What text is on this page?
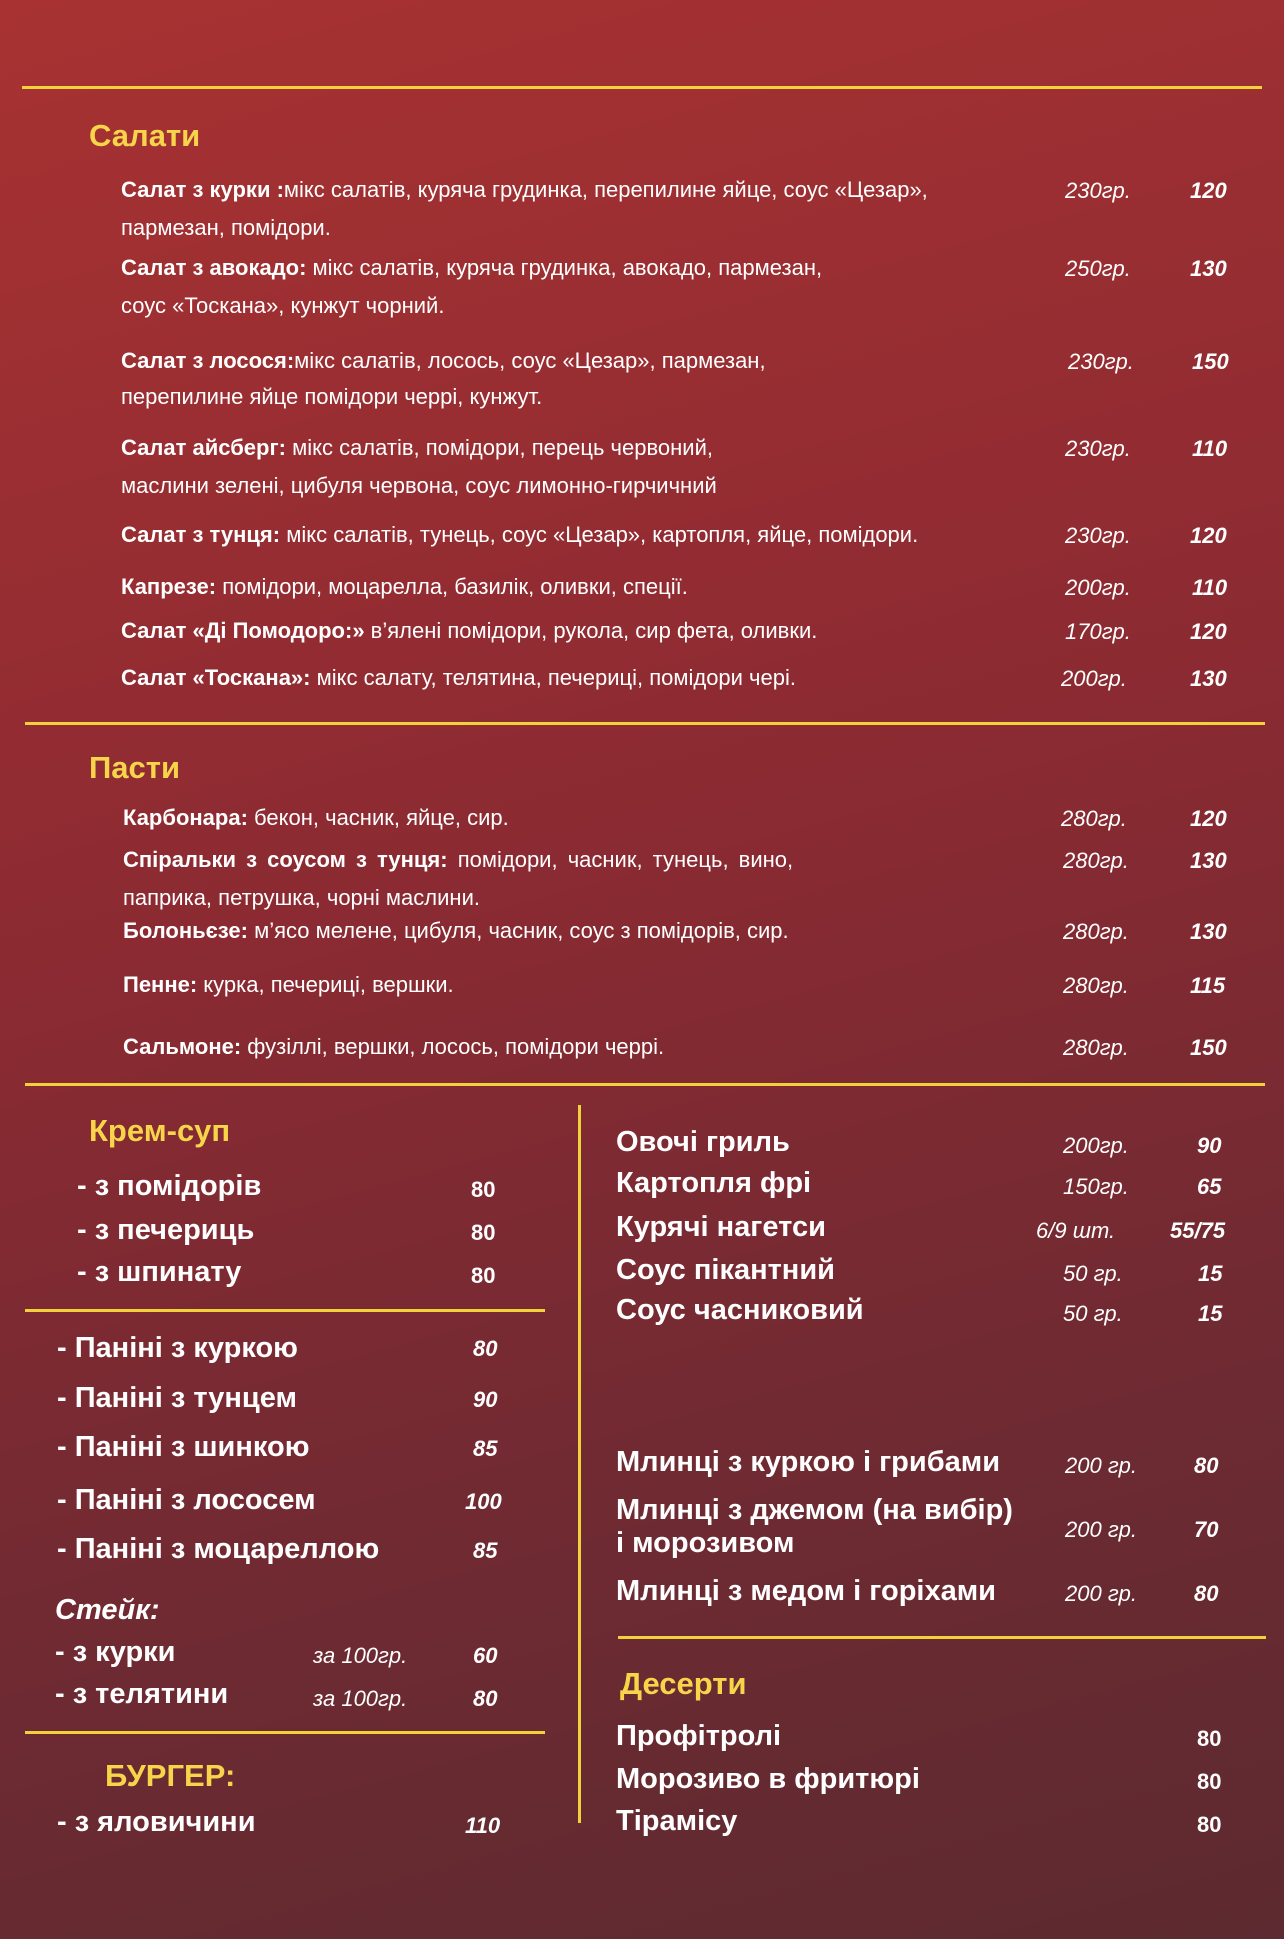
Салати
Салат з курки :мікс салатів, куряча грудинка, перепилине яйце, соус «Цезар»,
пармезан, помідори.
230гр.	120
Салат з авокадо: мікс салатів, куряча грудинка, авокадо, пармезан,
соус «Тоскана», кунжут чорний.
250гр.	130
Салат з лосося:мікс салатів, лосось, соус «Цезар», пармезан,
перепилине яйце помідори черрі, кунжут.
230гр.	150
Салат айсберг: мікс салатів, помідори, перець червоний,
маслини зелені, цибуля червона, соус лимонно-гирчичний
230гр.	110
Салат з тунця: мікс салатів, тунець, соус «Цезар», картопля, яйце, помідори.	230гр.	120
Капрезе: помідори, моцарелла, базилік, оливки, спеції.	200гр.	110
Салат «Ді Помодоро:» в’ялені помідори, рукола, сир фета, оливки.	170гр.	120
Салат «Тоскана»: мікс салату, телятина, печериці, помідори чері.	200гр.	130
Пасти
Карбонара: бекон, часник, яйце, сир.	280гр.	120
Спіральки з соусом з тунця: помідори, часник, тунець, вино,
паприка, петрушка, чорні маслини.
280гр.	130
Болоньєзе: м’ясо мелене, цибуля, часник, соус з помідорів, сир.	280гр.	130
Пенне: курка, печериці, вершки.	280гр.	115
Сальмоне: фузіллі, вершки, лосось, помідори черрі.	280гр.	150
Крем-суп
- з помідорів	80
- з печериць	80
- з шпинату	80
- Паніні з куркою	80
- Паніні з тунцем	90
- Паніні з шинкою	85
- Паніні з лососем	100
- Паніні з моцареллою	85
Стейк:
- з курки	за 100гр.	60
- з телятини	за 100гр.	80
БУРГЕР:
- з яловичини	110
Овочі гриль	200гр.	90
Картопля фрі	150гр.	65
Курячі нагетси	6/9 шт. 55/75
Соус пікантний	50 гр.	15
Соус часниковий	50 гр.	15
Млинці з куркою і грибами	200 гр.	80
Млинці з джемом (на вибір)
і морозивом	200 гр.	70
Млинці з медом і горіхами	200 гр.	80
Десерти
Профітролі	80
Морозиво в фритюрі	80
Тірамісу	80
